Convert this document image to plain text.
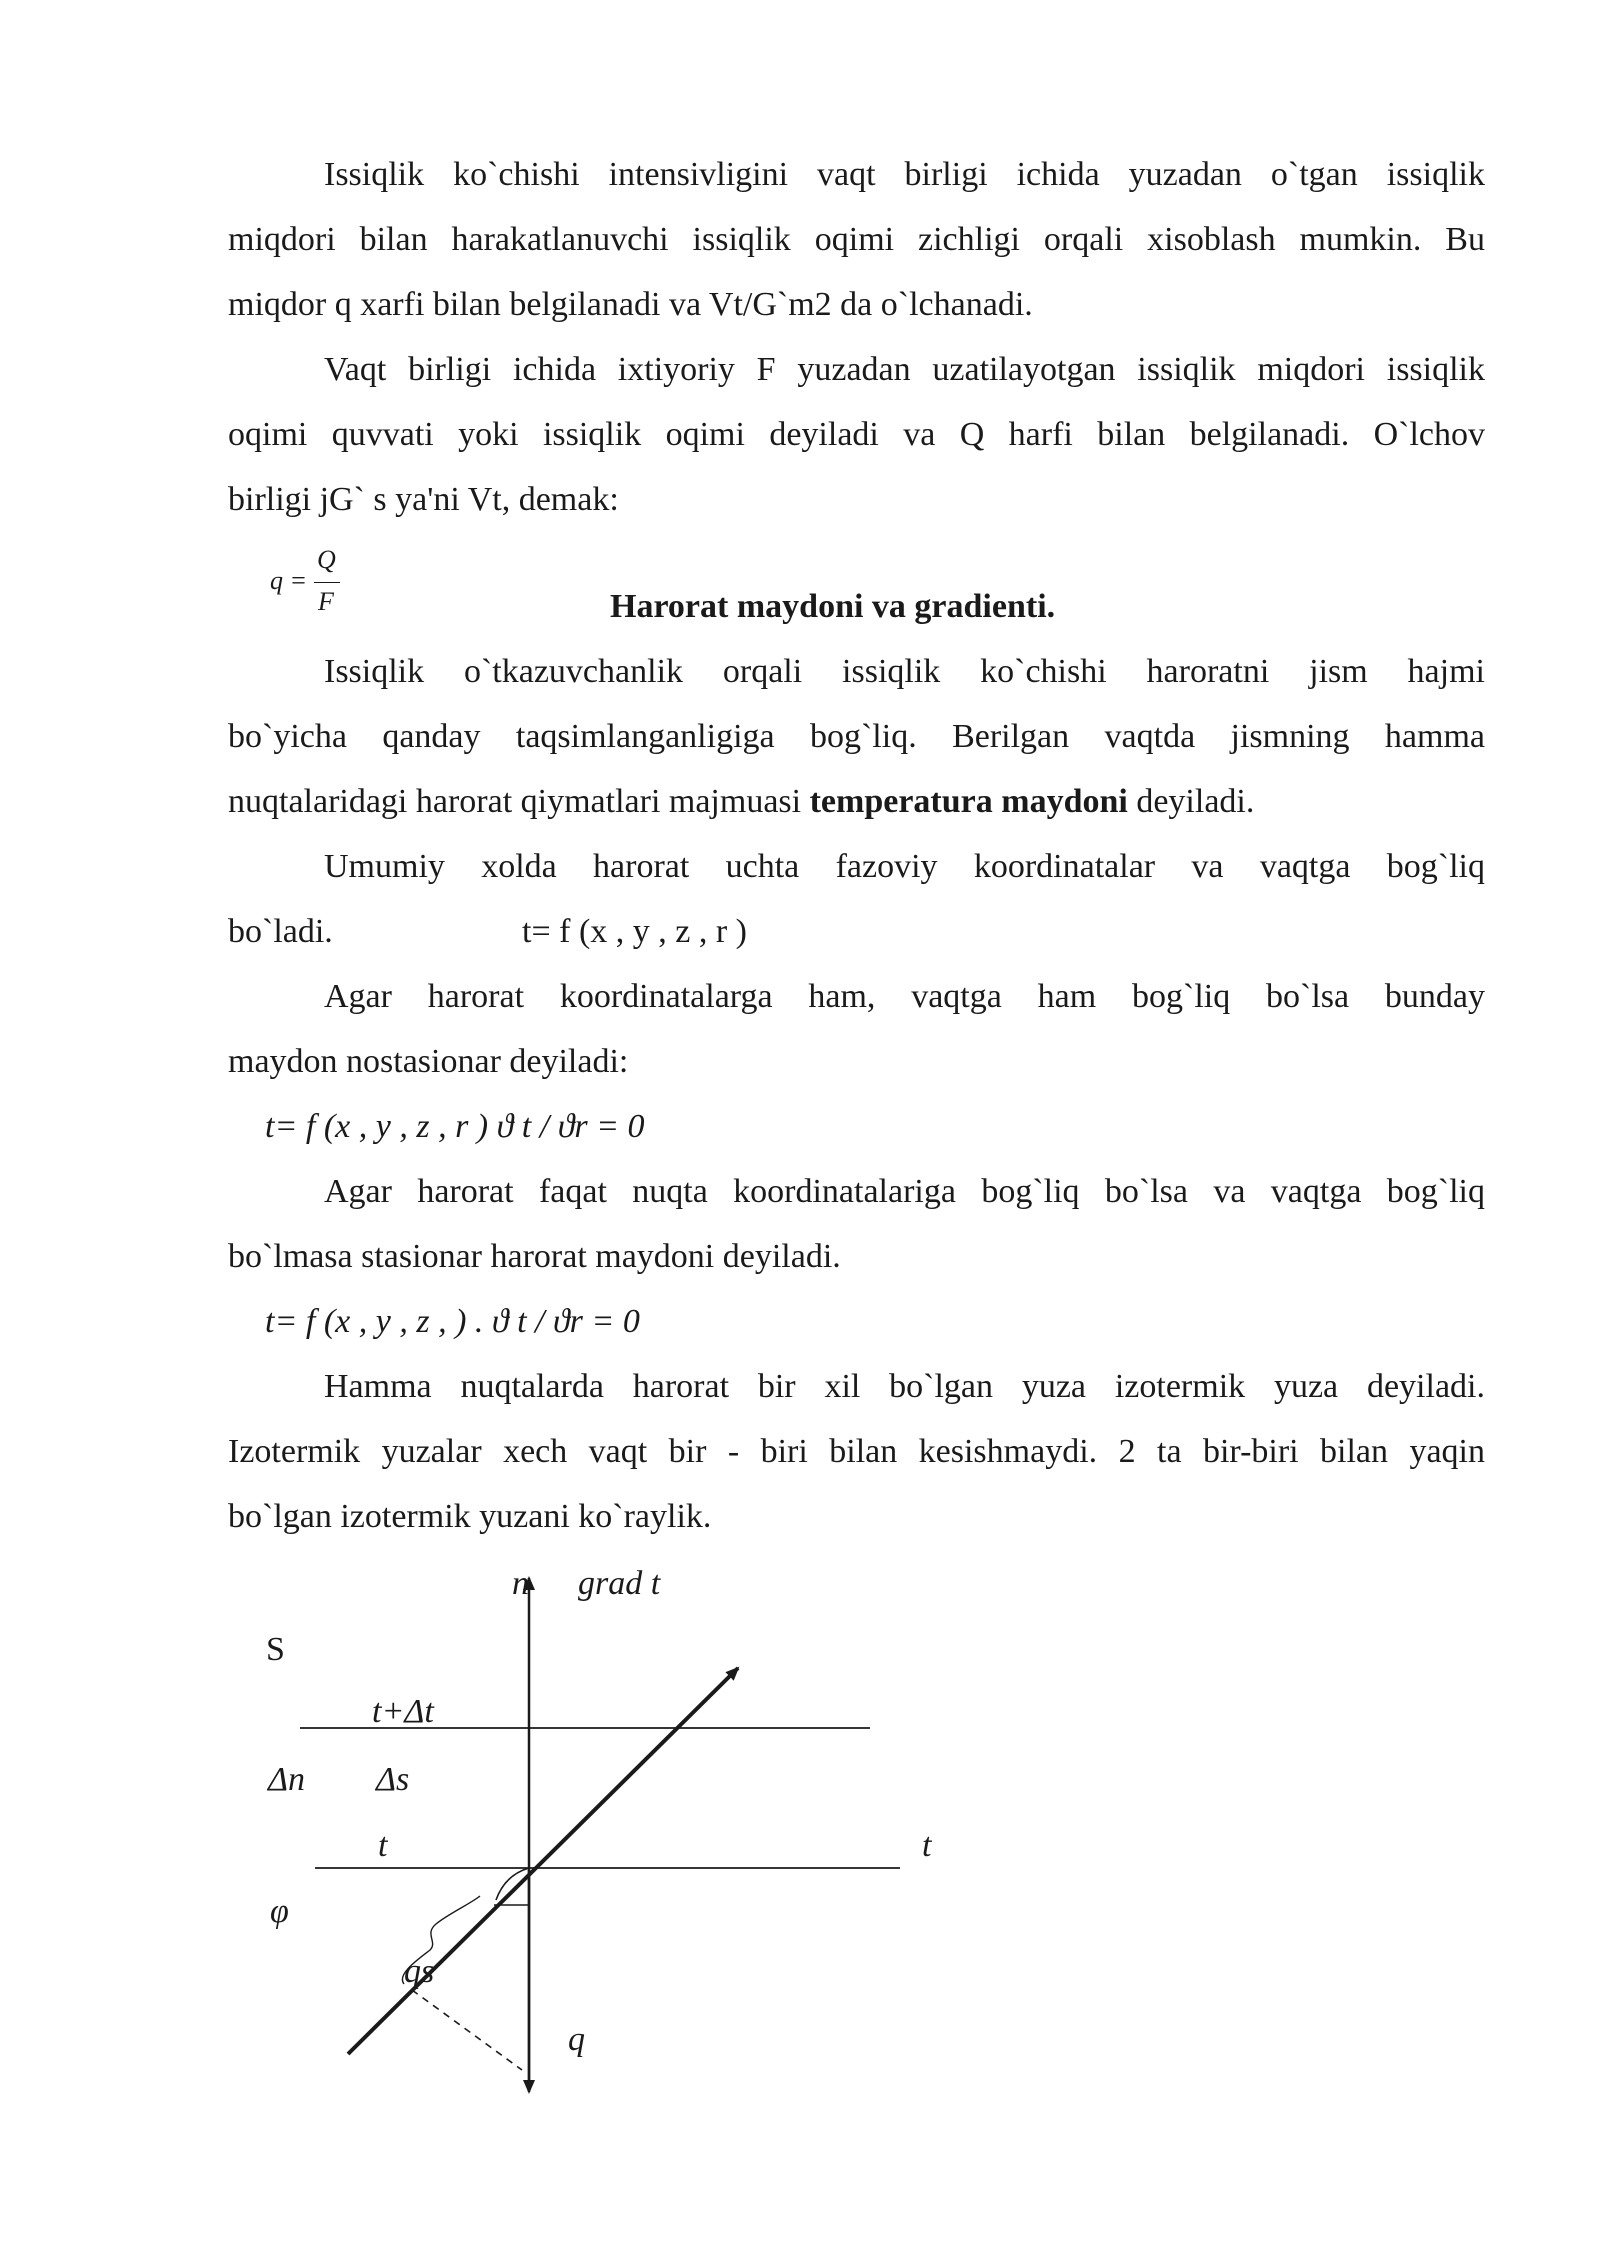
Issiqlik ko`chishi intensivligini vaqt birligi ichida yuzadan o`tgan issiqlik
miqdori bilan harakatlanuvchi issiqlik oqimi zichligi orqali xisoblash mumkin. Bu
miqdor q xarfi bilan belgilanadi va Vt/G`m2 da o`lchanadi.
Vaqt birligi ichida ixtiyoriy F yuzadan uzatilayotgan issiqlik miqdori issiqlik
oqimi quvvati yoki issiqlik oqimi deyiladi va Q harfi bilan belgilanadi. O`lchov
birligi jG` s ya'ni Vt, demak:
q =
Q
F	Harorat maydoni va gradienti.
Issiqlik o`tkazuvchanlik orqali issiqlik ko`chishi haroratni jism hajmi
bo`yicha qanday taqsimlanganligiga bog`liq. Berilgan vaqtda jismning hamma
nuqtalaridagi harorat qiymatlari majmuasi temperatura maydoni deyiladi.
Umumiy xolda harorat uchta fazoviy koordinatalar va vaqtga bog`liq
bo`ladi.	t= f (x , y , z , r )
Agar harorat koordinatalarga ham, vaqtga ham bog`liq bo`lsa bunday
maydon nostasionar deyiladi:
t= f (x , y , z , r ) ϑ t / ϑr = 0
Agar harorat faqat nuqta koordinatalariga bog`liq bo`lsa va vaqtga bog`liq
bo`lmasa stasionar harorat maydoni deyiladi.
t= f (x , y , z , ) . ϑ t / ϑr = 0
Hamma nuqtalarda harorat bir xil bo`lgan yuza izotermik yuza deyiladi.
Izotermik yuzalar xech vaqt bir - biri bilan kesishmaydi. 2 ta bir-biri bilan yaqin
bo`lgan izotermik yuzani ko`raylik.
n grad t
S
t+Δt
Δn Δs
t	t
φ
qs
q
